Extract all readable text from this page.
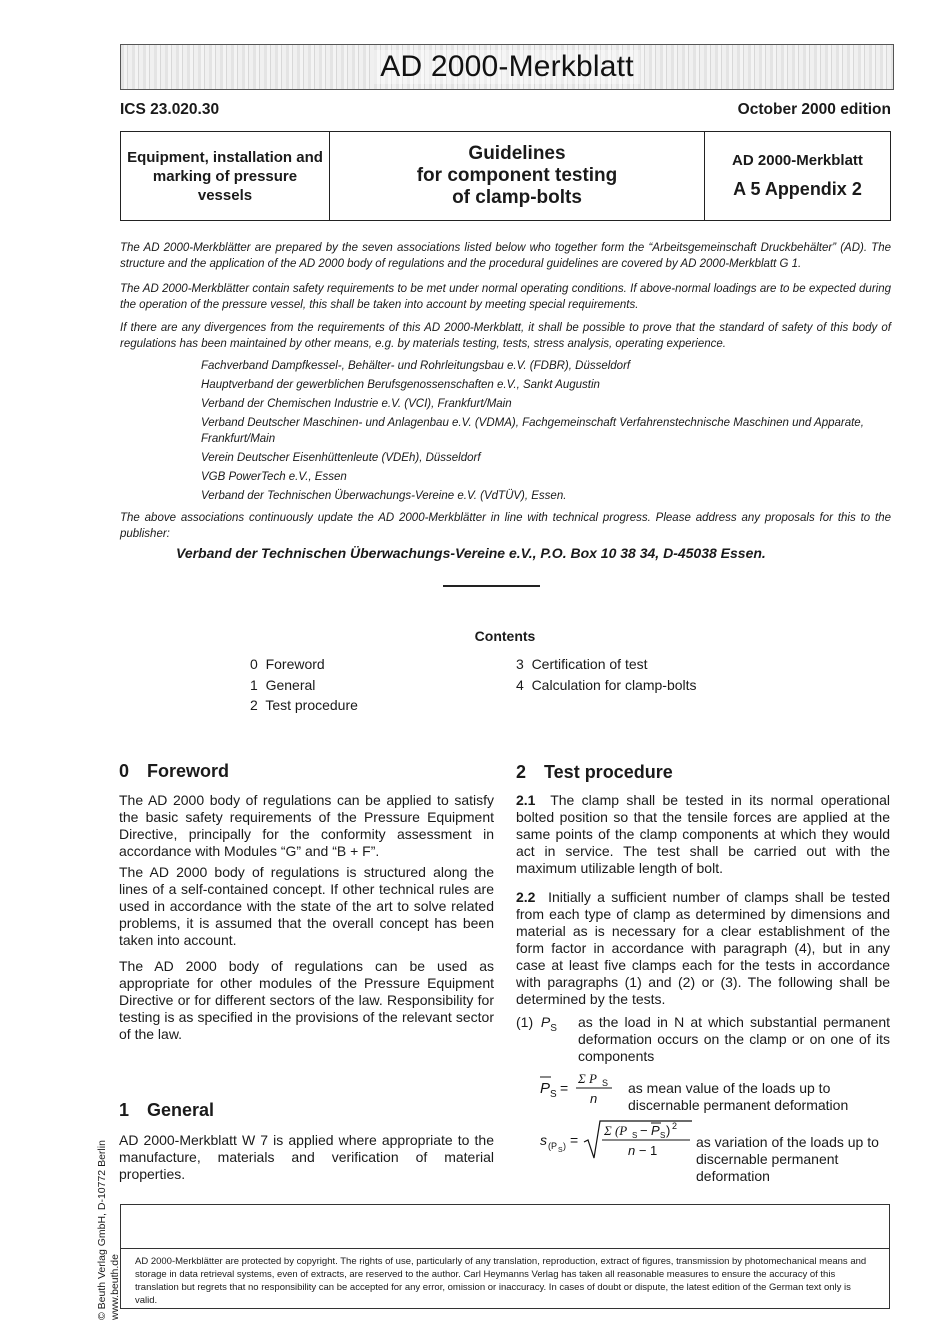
AD 2000-Merkblatt
ICS 23.020.30	October 2000 edition
Equipment, installation and marking of pressure vessels
Guidelines
for component testing
of clamp-bolts
AD 2000-Merkblatt
A 5 Appendix 2
The AD 2000-Merkblätter are prepared by the seven associations listed below who together form the “Arbeitsgemeinschaft Druckbehälter” (AD). The structure and the application of the AD 2000 body of regulations and the procedural guidelines are covered by AD 2000-Merkblatt G 1.
The AD 2000-Merkblätter contain safety requirements to be met under normal operating conditions. If above-normal loadings are to be expected during the operation of the pressure vessel, this shall be taken into account by meeting special requirements.
If there are any divergences from the requirements of this AD 2000-Merkblatt, it shall be possible to prove that the standard of safety of this body of regulations has been maintained by other means, e.g. by materials testing, tests, stress analysis, operating experience.
Fachverband Dampfkessel-, Behälter- und Rohrleitungsbau e.V. (FDBR), Düsseldorf
Hauptverband der gewerblichen Berufsgenossenschaften e.V., Sankt Augustin
Verband der Chemischen Industrie e.V. (VCI), Frankfurt/Main
Verband Deutscher Maschinen- und Anlagenbau e.V. (VDMA), Fachgemeinschaft Verfahrenstechnische Maschinen und Apparate, Frankfurt/Main
Verein Deutscher Eisenhüttenleute (VDEh), Düsseldorf
VGB PowerTech e.V., Essen
Verband der Technischen Überwachungs-Vereine e.V. (VdTÜV), Essen.
The above associations continuously update the AD 2000-Merkblätter in line with technical progress. Please address any proposals for this to the publisher:
Verband der Technischen Überwachungs-Vereine e.V., P.O. Box 10 38 34, D-45038 Essen.
Contents
0  Foreword
1  General
2  Test procedure
3  Certification of test
4  Calculation for clamp-bolts
0 Foreword
The AD 2000 body of regulations can be applied to satisfy the basic safety requirements of the Pressure Equipment Directive, principally for the conformity assessment in accordance with Modules “G” and “B + F”.
The AD 2000 body of regulations is structured along the lines of a self-contained concept. If other technical rules are used in accordance with the state of the art to solve related problems, it is assumed that the overall concept has been taken into account.
The AD 2000 body of regulations can be used as appropriate for other modules of the Pressure Equipment Directive or for different sectors of the law. Responsibility for testing is as specified in the provisions of the relevant sector of the law.
1 General
AD 2000-Merkblatt W 7 is applied where appropriate to the manufacture, materials and verification of material properties.
2 Test procedure
2.1 The clamp shall be tested in its normal operational bolted position so that the tensile forces are applied at the same points of the clamp components at which they would act in service. The test shall be carried out with the maximum utilizable length of bolt.
2.2 Initially a sufficient number of clamps shall be tested from each type of clamp as determined by dimensions and material as is necessary for a clear establishment of the form factor in accordance with paragraph (4), but in any case at least five clamps each for the tests in accordance with paragraphs (1) and (2) or (3). The following shall be determined by the tests.
(1) $P_S$ as the load in N at which substantial permanent deformation occurs on the clamp or on one of its components
P S =
Σ P S
n
as mean value of the loads up to discernable permanent deformation
s (P S ) =
Σ (P S − P S ) 2
n − 1
as variation of the loads up to discernable permanent deformation
AD 2000-Merkblätter are protected by copyright. The rights of use, particularly of any translation, reproduction, extract of figures, transmission by photomechanical means and storage in data retrieval systems, even of extracts, are reserved to the author. Carl Heymanns Verlag has taken all reasonable measures to ensure the accuracy of this translation but regrets that no responsibility can be accepted for any error, omission or inaccuracy. In cases of doubt or dispute, the latest edition of the German text only is valid.
© Beuth Verlag GmbH, D-10772 Berlin www.beuth.de
